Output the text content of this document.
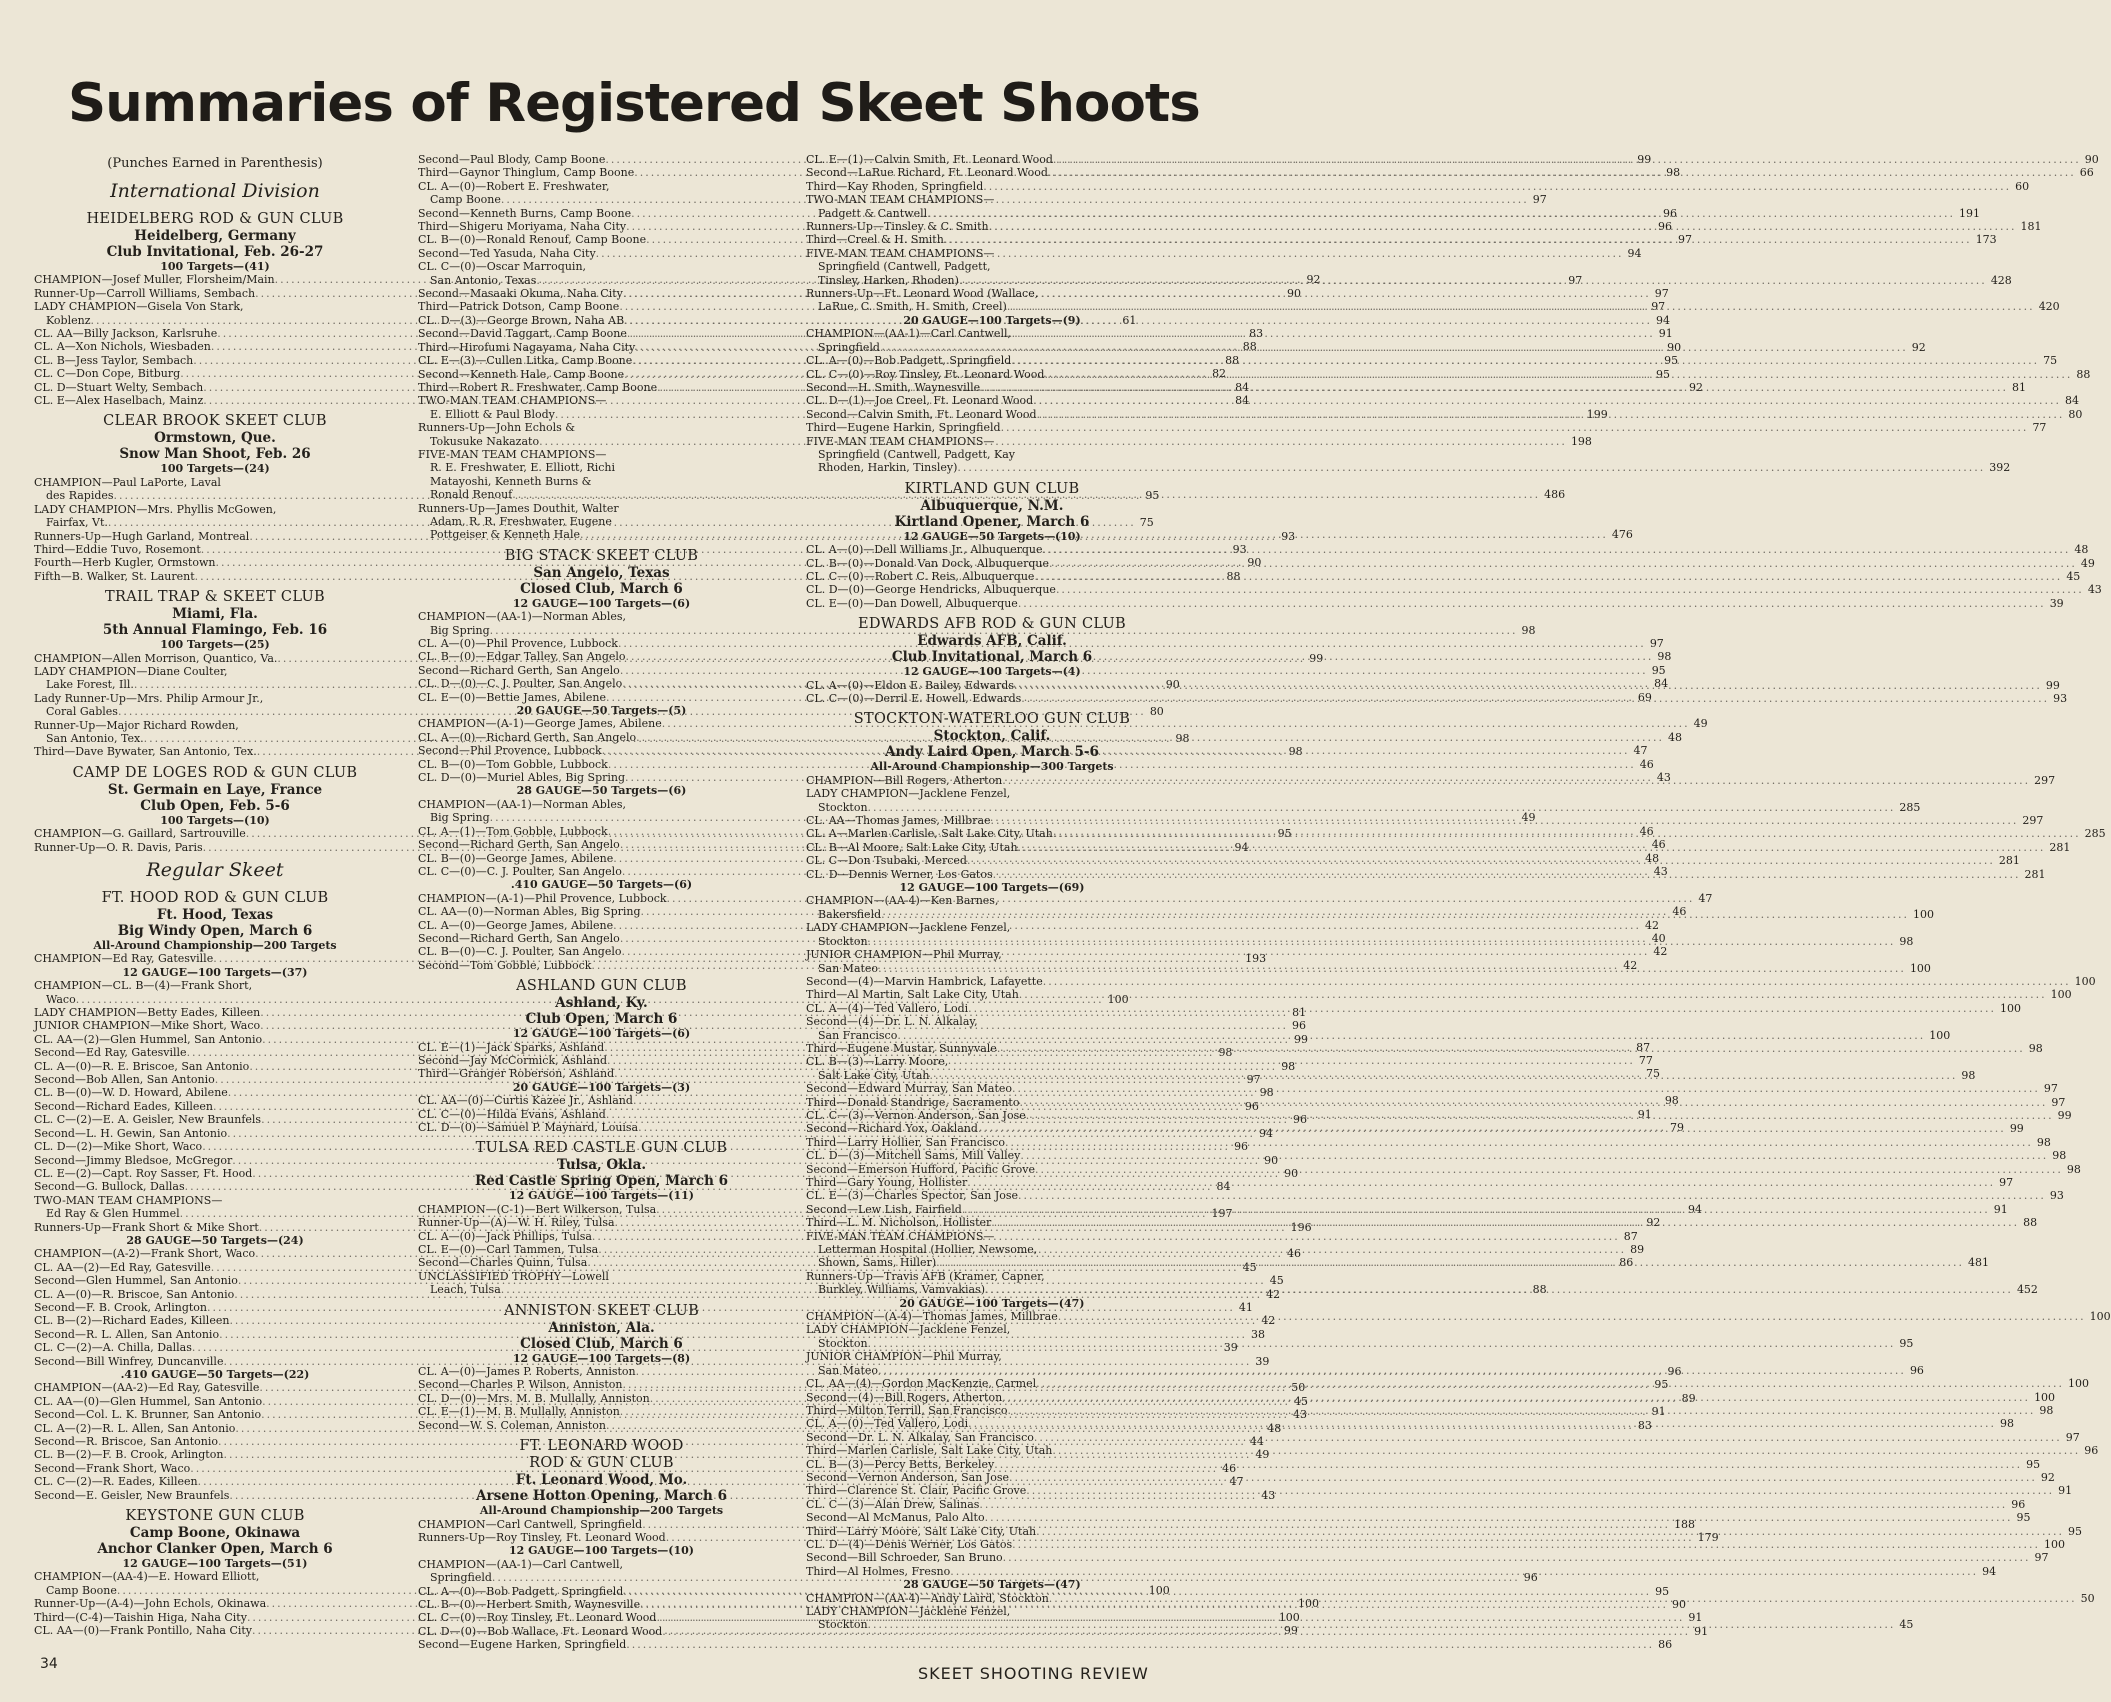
Summaries of Registered Skeet Shoots
(Punches Earned in Parenthesis)
International Division
HEIDELBERG ROD & GUN CLUB
Heidelberg, Germany
Club Invitational, Feb. 26-27
100 Targets—(41)
CHAMPION—Josef Muller, Florsheim/Main .....	92
Runner-Up—Carroll Williams, Sembach .....	90
LADY CHAMPION—Gisela Von Stark,
Koblenz .....	61
CL. AA—Billy Jackson, Karlsruhe .....	83
CL. A—Xon Nichols, Wiesbaden .....	88
CL. B—Jess Taylor, Sembach .....	88
CL. C—Don Cope, Bitburg .....	82
CL. D—Stuart Welty, Sembach .....	84
CL. E—Alex Haselbach, Mainz .....	84
CLEAR BROOK SKEET CLUB
Ormstown, Que.
Snow Man Shoot, Feb. 26
100 Targets—(24)
CHAMPION—Paul LaPorte, Laval
des Rapides .....	95
LADY CHAMPION—Mrs. Phyllis McGowen,
Fairfax, Vt. .....	75
Runners-Up—Hugh Garland, Montreal .....	93
Third—Eddie Tuvo, Rosemont .....	93
Fourth—Herb Kugler, Ormstown .....	90
Fifth—B. Walker, St. Laurent .....	88
TRAIL TRAP & SKEET CLUB
Miami, Fla.
5th Annual Flamingo, Feb. 16
100 Targets—(25)
CHAMPION—Allen Morrison, Quantico, Va. .....	99
LADY CHAMPION—Diane Coulter,
Lake Forest, Ill. .....	90
Lady Runner-Up—Mrs. Philip Armour Jr.,
Coral Gables .....	80
Runner-Up—Major Richard Rowden,
San Antonio, Tex. .....	98
Third—Dave Bywater, San Antonio, Tex. .....	98
CAMP DE LOGES ROD & GUN CLUB
St. Germain en Laye, France
Club Open, Feb. 5-6
100 Targets—(10)
CHAMPION—G. Gaillard, Sartrouville .....	95
Runner-Up—O. R. Davis, Paris .....	94
Regular Skeet
FT. HOOD ROD & GUN CLUB
Ft. Hood, Texas
Big Windy Open, March 6
All-Around Championship—200 Targets
CHAMPION—Ed Ray, Gatesville .....	193
12 GAUGE—100 Targets—(37)
CHAMPION—CL. B—(4)—Frank Short,
Waco .....	100
LADY CHAMPION—Betty Eades, Killeen .....	81
JUNIOR CHAMPION—Mike Short, Waco .....	96
CL. AA—(2)—Glen Hummel, San Antonio .....	99
Second—Ed Ray, Gatesville .....	98
CL. A—(0)—R. E. Briscoe, San Antonio .....	98
Second—Bob Allen, San Antonio .....	97
CL. B—(0)—W. D. Howard, Abilene .....	98
Second—Richard Eades, Killeen .....	96
CL. C—(2)—E. A. Geisler, New Braunfels .....	96
Second—L. H. Gewin, San Antonio .....	94
CL. D—(2)—Mike Short, Waco .....	96
Second—Jimmy Bledsoe, McGregor .....	90
CL. E—(2)—Capt. Roy Sasser, Ft. Hood .....	90
Second—G. Bullock, Dallas .....	84
TWO-MAN TEAM CHAMPIONS—
Ed Ray & Glen Hummel .....	197
Runners-Up—Frank Short & Mike Short .....	196
28 GAUGE—50 Targets—(24)
CHAMPION—(A-2)—Frank Short, Waco .....	46
CL. AA—(2)—Ed Ray, Gatesville .....	45
Second—Glen Hummel, San Antonio .....	45
CL. A—(0)—R. Briscoe, San Antonio .....	42
Second—F. B. Crook, Arlington .....	41
CL. B—(2)—Richard Eades, Killeen .....	42
Second—R. L. Allen, San Antonio .....	38
CL. C—(2)—A. Chilla, Dallas .....	39
Second—Bill Winfrey, Duncanville .....	39
.410 GAUGE—50 Targets—(22)
CHAMPION—(AA-2)—Ed Ray, Gatesville .....	50
CL. AA—(0)—Glen Hummel, San Antonio .....	45
Second—Col. L. K. Brunner, San Antonio .....	43
CL. A—(2)—R. L. Allen, San Antonio .....	48
Second—R. Briscoe, San Antonio .....	44
CL. B—(2)—F. B. Crook, Arlington .....	49
Second—Frank Short, Waco .....	46
CL. C—(2)—R. Eades, Killeen .....	47
Second—E. Geisler, New Braunfels .....	43
KEYSTONE GUN CLUB
Camp Boone, Okinawa
Anchor Clanker Open, March 6
12 GAUGE—100 Targets—(51)
CHAMPION—(AA-4)—E. Howard Elliott,
Camp Boone .....	100
Runner-Up—(A-4)—John Echols, Okinawa .....	100
Third—(C-4)—Taishin Higa, Naha City .....	100
CL. AA—(0)—Frank Pontillo, Naha City .....	99
Second—Paul Blody, Camp Boone .....	99
Third—Gaynor Thinglum, Camp Boone .....	98
CL. A—(0)—Robert E. Freshwater,
Camp Boone .....	97
Second—Kenneth Burns, Camp Boone .....	96
Third—Shigeru Moriyama, Naha City .....	96
CL. B—(0)—Ronald Renouf, Camp Boone .....	97
Second—Ted Yasuda, Naha City .....	94
CL. C—(0)—Oscar Marroquin,
San Antonio, Texas .....	97
Second—Masaaki Okuma, Naha City .....	97
Third—Patrick Dotson, Camp Boone .....	97
CL. D—(3)—George Brown, Naha AB .....	94
Second—David Taggart, Camp Boone .....	91
Third—Hirofumi Nagayama, Naha City .....	90
CL. E—(3)—Cullen Litka, Camp Boone .....	95
Second—Kenneth Hale, Camp Boone .....	95
Third—Robert R. Freshwater, Camp Boone .....	92
TWO-MAN TEAM CHAMPIONS—
E. Elliott & Paul Blody .....	199
Runners-Up—John Echols &
Tokusuke Nakazato .....	198
FIVE-MAN TEAM CHAMPIONS—
R. E. Freshwater, E. Elliott, Richi
Matayoshi, Kenneth Burns &
Ronald Renouf .....	486
Runners-Up—James Douthit, Walter
Adam, R. R. Freshwater, Eugene
Pottgeiser & Kenneth Hale .....	476
BIG STACK SKEET CLUB
San Angelo, Texas
Closed Club, March 6
12 GAUGE—100 Targets—(6)
CHAMPION—(AA-1)—Norman Ables,
Big Spring .....	98
CL. A—(0)—Phil Provence, Lubbock .....	97
CL. B—(0)—Edgar Talley, San Angelo .....	98
Second—Richard Gerth, San Angelo .....	95
CL. D—(0)—C. J. Poulter, San Angelo .....	84
CL. E—(0)—Bettie James, Abilene .....	69
20 GAUGE—50 Targets—(5)
CHAMPION—(A-1)—George James, Abilene .....	49
CL. A—(0)—Richard Gerth, San Angelo .....	48
Second—Phil Provence, Lubbock .....	47
CL. B—(0)—Tom Gobble, Lubbock .....	46
CL. D—(0)—Muriel Ables, Big Spring .....	43
28 GAUGE—50 Targets—(6)
CHAMPION—(AA-1)—Norman Ables,
Big Spring .....	49
CL. A—(1)—Tom Gobble, Lubbock .....	46
Second—Richard Gerth, San Angelo .....	46
CL. B—(0)—George James, Abilene .....	48
CL. C—(0)—C. J. Poulter, San Angelo .....	43
.410 GAUGE—50 Targets—(6)
CHAMPION—(A-1)—Phil Provence, Lubbock .....	47
CL. AA—(0)—Norman Ables, Big Spring .....	46
CL. A—(0)—George James, Abilene .....	42
Second—Richard Gerth, San Angelo .....	40
CL. B—(0)—C. J. Poulter, San Angelo .....	42
Second—Tom Gobble, Lubbock .....	42
ASHLAND GUN CLUB
Ashland, Ky.
Club Open, March 6
12 GAUGE—100 Targets—(6)
CL. E—(1)—Jack Sparks, Ashland .....	87
Second—Jay McCormick, Ashland .....	77
Third—Granger Roberson, Ashland .....	75
20 GAUGE—100 Targets—(3)
CL. AA—(0)—Curtis Kazee Jr., Ashland .....	98
CL. C—(0)—Hilda Evans, Ashland .....	91
CL. D—(0)—Samuel P. Maynard, Louisa .....	79
TULSA RED CASTLE GUN CLUB
Tulsa, Okla.
Red Castle Spring Open, March 6
12 GAUGE—100 Targets—(11)
CHAMPION—(C-1)—Bert Wilkerson, Tulsa .....	94
Runner-Up—(A)—W. H. Riley, Tulsa .....	92
CL. A—(0)—Jack Phillips, Tulsa .....	87
CL. E—(0)—Carl Tammen, Tulsa .....	89
Second—Charles Quinn, Tulsa .....	86
UNCLASSIFIED TROPHY—Lowell
Leach, Tulsa .....	88
ANNISTON SKEET CLUB
Anniston, Ala.
Closed Club, March 6
12 GAUGE—100 Targets—(8)
CL. A—(0)—James P. Roberts, Anniston .....	96
Second—Charles P. Wilson, Anniston .....	95
CL. D—(0)—Mrs. M. B. Mullally, Anniston .....	89
CL. E—(1)—M. B. Mullally, Anniston .....	91
Second—W. S. Coleman, Anniston .....	83
FT. LEONARD WOOD
ROD & GUN CLUB
Ft. Leonard Wood, Mo.
Arsene Hotton Opening, March 6
All-Around Championship—200 Targets
CHAMPION—Carl Cantwell, Springfield .....	188
Runners-Up—Roy Tinsley, Ft. Leonard Wood .....	179
12 GAUGE—100 Targets—(10)
CHAMPION—(AA-1)—Carl Cantwell,
Springfield .....	96
CL. A—(0)—Bob Padgett, Springfield .....	95
CL. B—(0)—Herbert Smith, Waynesville .....	90
CL. C—(0)—Roy Tinsley, Ft. Leonard Wood .....	91
CL. D—(0)—Bob Wallace, Ft. Leonard Wood .....	91
Second—Eugene Harken, Springfield .....	86
CL. E—(1)—Calvin Smith, Ft. Leonard Wood .....	90
Second—LaRue Richard, Ft. Leonard Wood .....	66
Third—Kay Rhoden, Springfield .....	60
TWO-MAN TEAM CHAMPIONS—
Padgett & Cantwell .....	191
Runners-Up—Tinsley & C. Smith .....	181
Third—Creel & H. Smith .....	173
FIVE-MAN TEAM CHAMPIONS—
Springfield (Cantwell, Padgett,
Tinsley, Harken, Rhoden) .....	428
Runners-Up—Ft. Leonard Wood (Wallace,
LaRue, C. Smith, H. Smith, Creel) .....	420
20 GAUGE—100 Targets—(9)
CHAMPION—(AA-1)—Carl Cantwell,
Springfield .....	92
CL. A—(0)—Bob Padgett, Springfield .....	75
CL. C—(0)—Roy Tinsley, Ft. Leonard Wood .....	88
Second—H. Smith, Waynesville .....	81
CL. D—(1)—Joe Creel, Ft. Leonard Wood .....	84
Second—Calvin Smith, Ft. Leonard Wood .....	80
Third—Eugene Harkin, Springfield .....	77
FIVE-MAN TEAM CHAMPIONS—
Springfield (Cantwell, Padgett, Kay
Rhoden, Harkin, Tinsley) .....	392
KIRTLAND GUN CLUB
Albuquerque, N.M.
Kirtland Opener, March 6
12 GAUGE—50 Targets—(10)
CL. A—(0)—Dell Williams Jr., Albuquerque .....	48
CL. B—(0)—Donald Van Dock, Albuquerque .....	49
CL. C—(0)—Robert C. Reis, Albuquerque .....	45
CL. D—(0)—George Hendricks, Albuquerque .....	43
CL. E—(0)—Dan Dowell, Albuquerque .....	39
EDWARDS AFB ROD & GUN CLUB
Edwards AFB, Calif.
Club Invitational, March 6
12 GAUGE—100 Targets—(4)
CL. A—(0)—Eldon E. Bailey, Edwards .....	99
CL. C—(0)—Derril E. Howell, Edwards .....	93
STOCKTON-WATERLOO GUN CLUB
Stockton, Calif.
Andy Laird Open, March 5-6
All-Around Championship—300 Targets
CHAMPION—Bill Rogers, Atherton .....	297
LADY CHAMPION—Jacklene Fenzel,
Stockton .....	285
CL. AA—Thomas James, Millbrae .....	297
CL. A—Marlen Carlisle, Salt Lake City, Utah .....	285
CL. B—Al Moore, Salt Lake City, Utah .....	281
CL. C—Don Tsubaki, Merced .....	281
CL. D—Dennis Werner, Los Gatos .....	281
12 GAUGE—100 Targets—(69)
CHAMPION—(AA-4)—Ken Barnes,
Bakersfield .....	100
LADY CHAMPION—Jacklene Fenzel,
Stockton .....	98
JUNIOR CHAMPION—Phil Murray,
San Mateo .....	100
Second—(4)—Marvin Hambrick, Lafayette .....	100
Third—Al Martin, Salt Lake City, Utah .....	100
CL. A—(4)—Ted Vallero, Lodi .....	100
Second—(4)—Dr. L. N. Alkalay,
San Francisco .....	100
Third—Eugene Mustar, Sunnyvale .....	98
CL. B—(3)—Larry Moore,
Salt Lake City, Utah .....	98
Second—Edward Murray, San Mateo .....	97
Third—Donald Standrige, Sacramento .....	97
CL. C—(3)—Vernon Anderson, San Jose .....	99
Second—Richard Yox, Oakland .....	99
Third—Larry Hollier, San Francisco .....	98
CL. D—(3)—Mitchell Sams, Mill Valley .....	98
Second—Emerson Hufford, Pacific Grove .....	98
Third—Gary Young, Hollister .....	97
CL. E—(3)—Charles Spector, San Jose .....	93
Second—Lew Lish, Fairfield .....	91
Third—L. M. Nicholson, Hollister .....	88
FIVE-MAN TEAM CHAMPIONS—
Letterman Hospital (Hollier, Newsome,
Shown, Sams, Hiller) .....	481
Runners-Up—Travis AFB (Kramer, Capner,
Burkley, Williams, Vamvakias) .....	452
20 GAUGE—100 Targets—(47)
CHAMPION—(A-4)—Thomas James, Millbrae .....	100
LADY CHAMPION—Jacklene Fenzel,
Stockton .....	95
JUNIOR CHAMPION—Phil Murray,
San Mateo .....	96
CL. AA—(4)—Gordon MacKenzie, Carmel .....	100
Second—(4)—Bill Rogers, Atherton .....	100
Third—Milton Terrill, San Francisco .....	98
CL. A—(0)—Ted Vallero, Lodi .....	98
Second—Dr. L. N. Alkalay, San Francisco .....	97
Third—Marlen Carlisle, Salt Lake City, Utah .....	96
CL. B—(3)—Percy Betts, Berkeley .....	95
Second—Vernon Anderson, San Jose .....	92
Third—Clarence St. Clair, Pacific Grove .....	91
CL. C—(3)—Alan Drew, Salinas .....	96
Second—Al McManus, Palo Alto .....	95
Third—Larry Moore, Salt Lake City, Utah .....	95
CL. D—(4)—Denis Werner, Los Gatos .....	100
Second—Bill Schroeder, San Bruno .....	97
Third—Al Holmes, Fresno .....	94
28 GAUGE—50 Targets—(47)
CHAMPION—(AA-4)—Andy Laird, Stockton .....	50
LADY CHAMPION—Jacklene Fenzel,
Stockton .....	45
34	SKEET SHOOTING REVIEW
